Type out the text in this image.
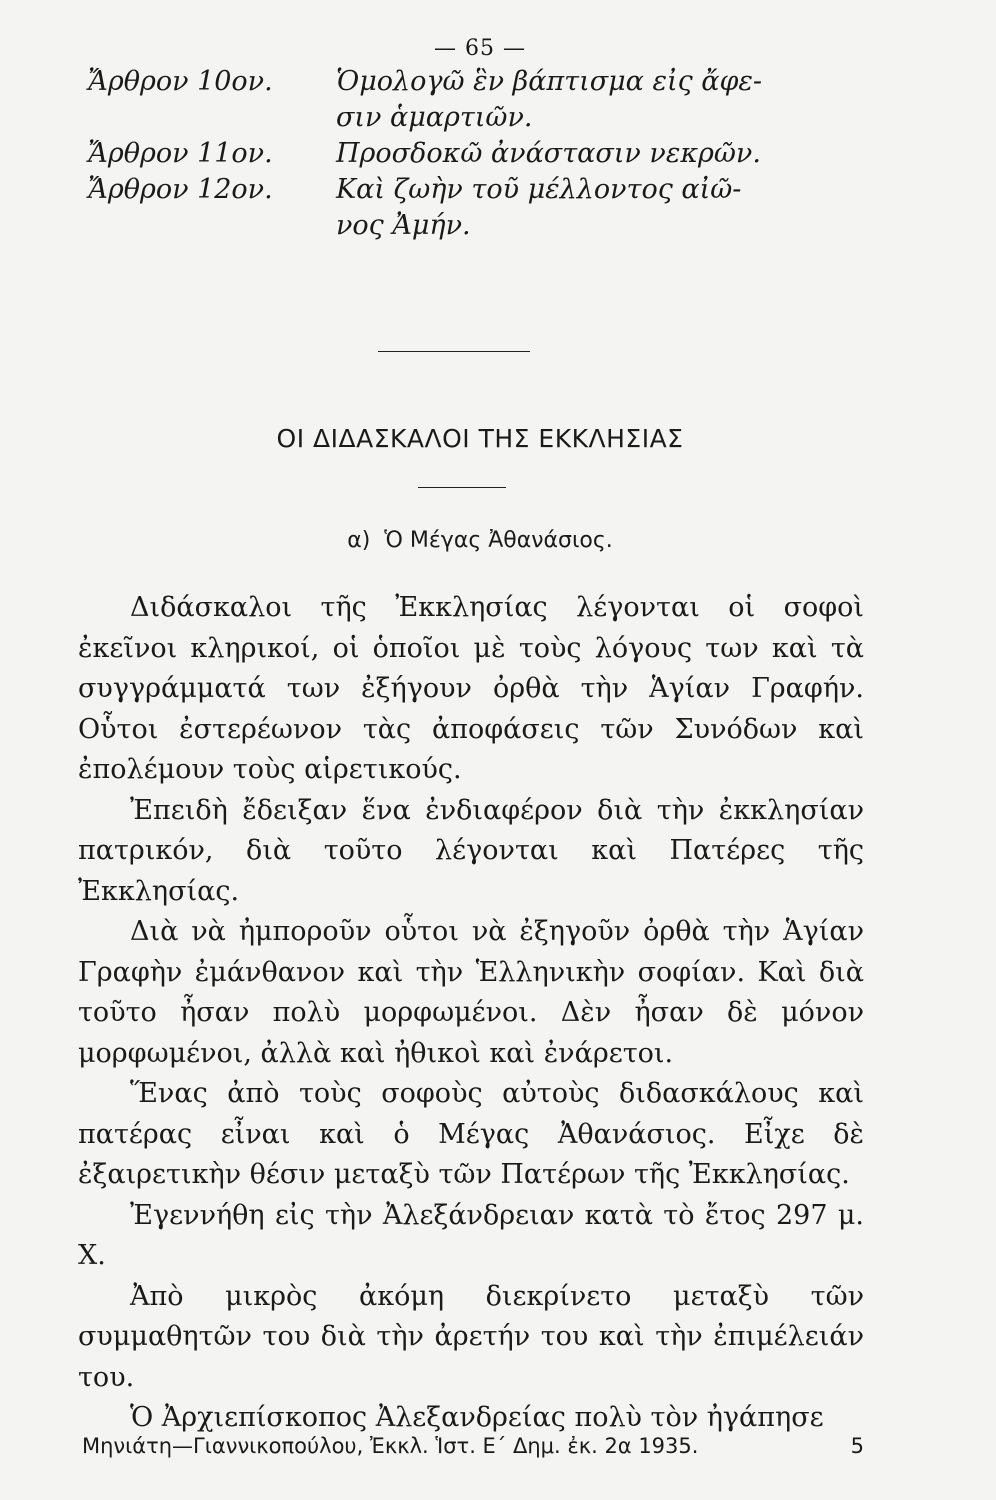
— 65 —
Ἄρθρον 10ον.	Ὁμολογῶ ἓν βάπτισμα εἰς ἄφε-
σιν ἁμαρτιῶν.
Ἄρθρον 11ον.	Προσδοκῶ ἀνάστασιν νεκρῶν.
Ἄρθρον 12ον.	Καὶ ζωὴν τοῦ μέλλοντος αἰῶ-
νος Ἀμήν.
ΟΙ ΔΙΔΑΣΚΑΛΟΙ ΤΗΣ ΕΚΚΛΗΣΙΑΣ
α) Ὁ Μέγας Ἀθανάσιος.

Διδάσκαλοι τῆς Ἐκκλησίας λέγονται οἱ σοφοὶ ἐκεῖνοι κληρικοί, οἱ ὁποῖοι μὲ τοὺς λόγους των καὶ τὰ συγγράμματά των ἐξήγουν ὀρθὰ τὴν Ἁγίαν Γραφήν. Οὗτοι ἐστερέωνον τὰς ἀποφάσεις τῶν Συνόδων καὶ ἐπολέμουν τοὺς αἱρετικούς.

Ἐπειδὴ ἔδειξαν ἕνα ἐνδιαφέρον διὰ τὴν ἐκκλησίαν πατρικόν, διὰ τοῦτο λέγονται καὶ Πατέρες τῆς Ἐκκλησίας.

Διὰ νὰ ἠμποροῦν οὗτοι νὰ ἐξηγοῦν ὀρθὰ τὴν Ἁγίαν Γραφὴν ἐμάνθανον καὶ τὴν Ἑλληνικὴν σοφίαν. Καὶ διὰ τοῦτο ἦσαν πολὺ μορφωμένοι. Δὲν ἦσαν δὲ μόνον μορφωμένοι, ἀλλὰ καὶ ἠθικοὶ καὶ ἐνάρετοι.

Ἕνας ἀπὸ τοὺς σοφοὺς αὐτοὺς διδασκάλους καὶ πατέρας εἶναι καὶ ὁ Μέγας Ἀθανάσιος. Εἶχε δὲ ἐξαιρετικὴν θέσιν μεταξὺ τῶν Πατέρων τῆς Ἐκκλησίας.

Ἐγεννήθη εἰς τὴν Ἀλεξάνδρειαν κατὰ τὸ ἔτος 297 μ. Χ.

Ἀπὸ μικρὸς ἀκόμη διεκρίνετο μεταξὺ τῶν συμμαθητῶν του διὰ τὴν ἀρετήν του καὶ τὴν ἐπιμέλειάν του.

Ὁ Ἀρχιεπίσκοπος Ἀλεξανδρείας πολὺ τὸν ἠγάπησε

Μηνιάτη—Γιαννικοπούλου, Ἐκκλ. Ἱστ. Ε΄ Δημ. ἐκ. 2α 1935.	5
